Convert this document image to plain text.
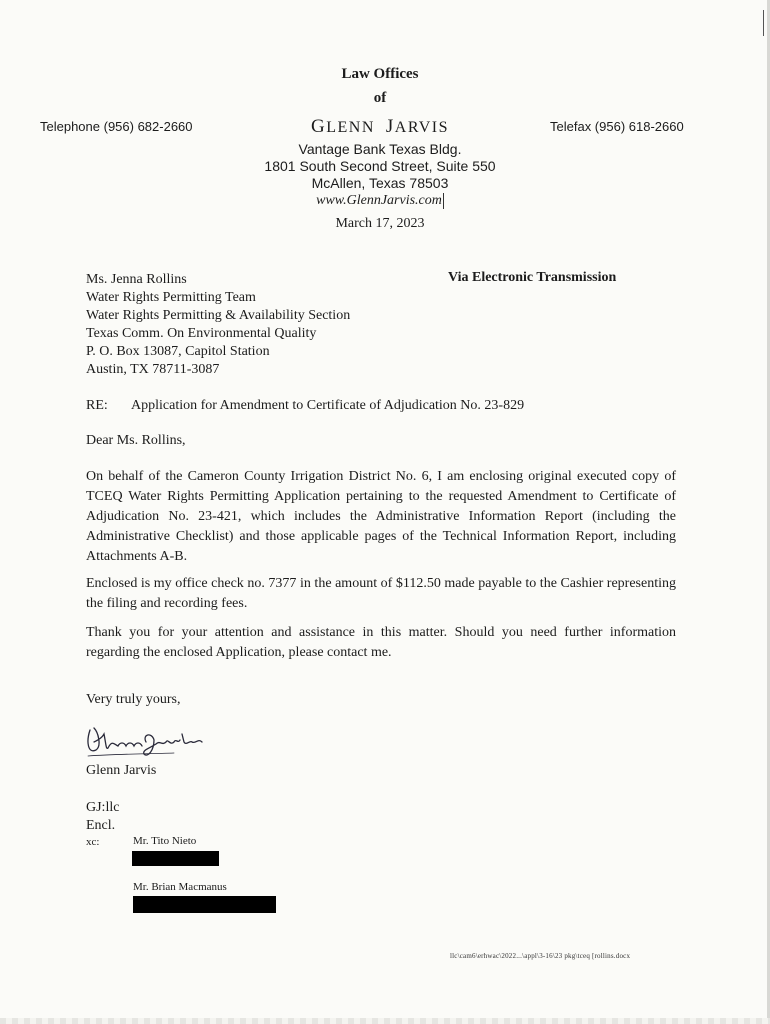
Law Offices
of
GLENN JARVIS
Telephone (956) 682-2660	Telefax (956) 618-2660
Vantage Bank Texas Bldg.
1801 South Second Street, Suite 550
McAllen, Texas 78503
www.GlennJarvis.com
March 17, 2023
Ms. Jenna Rollins
Water Rights Permitting Team
Water Rights Permitting & Availability Section
Texas Comm. On Environmental Quality
P. O. Box 13087, Capitol Station
Austin, TX 78711-3087
Via Electronic Transmission
RE: Application for Amendment to Certificate of Adjudication No. 23-829
Dear Ms. Rollins,
On behalf of the Cameron County Irrigation District No. 6, I am enclosing original executed copy of TCEQ Water Rights Permitting Application pertaining to the requested Amendment to Certificate of Adjudication No. 23-421, which includes the Administrative Information Report (including the Administrative Checklist) and those applicable pages of the Technical Information Report, including Attachments A-B.
Enclosed is my office check no. 7377 in the amount of $112.50 made payable to the Cashier representing the filing and recording fees.
Thank you for your attention and assistance in this matter. Should you need further information regarding the enclosed Application, please contact me.
Very truly yours,
Glenn Jarvis
GJ:llc
Encl.
xc:	Mr. Tito Nieto
Mr. Brian Macmanus
llc\cam6\erhwac\2022...\appl\3-16\23 pkg\tceq [rollins.docx
